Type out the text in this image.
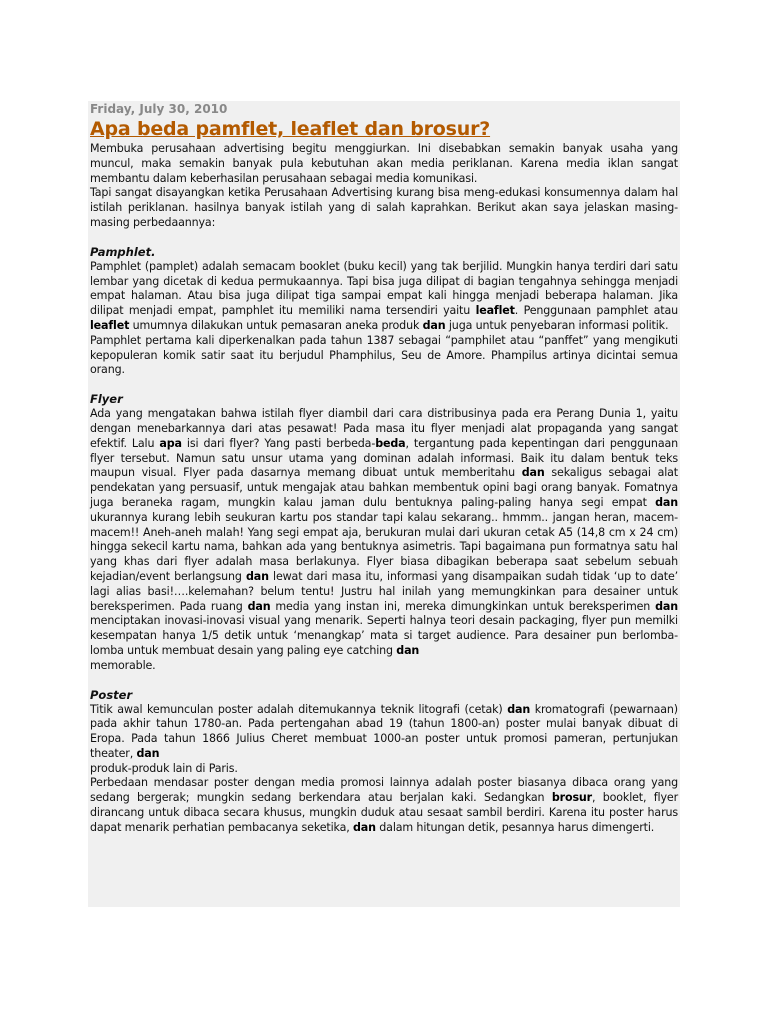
Friday, July 30, 2010
Apa beda pamflet, leaflet dan brosur?

Membuka perusahaan advertising begitu menggiurkan. Ini disebabkan semakin banyak usaha yang muncul, maka semakin banyak pula kebutuhan akan media periklanan. Karena media iklan sangat membantu dalam keberhasilan perusahaan sebagai media komunikasi.

Tapi sangat disayangkan ketika Perusahaan Advertising kurang bisa meng-edukasi konsumennya dalam hal istilah periklanan. hasilnya banyak istilah yang di salah kaprahkan. Berikut akan saya jelaskan masing-masing perbedaannya:

Pamphlet.

Pamphlet (pamplet) adalah semacam booklet (buku kecil) yang tak berjilid. Mungkin hanya terdiri dari satu lembar yang dicetak di kedua permukaannya. Tapi bisa juga dilipat di bagian tengahnya sehingga menjadi empat halaman. Atau bisa juga dilipat tiga sampai empat kali hingga menjadi beberapa halaman. Jika dilipat menjadi empat, pamphlet itu memiliki nama tersendiri yaitu leaflet. Penggunaan pamphlet atau leaflet umumnya dilakukan untuk pemasaran aneka produk dan juga untuk penyebaran informasi politik.

Pamphlet pertama kali diperkenalkan pada tahun 1387 sebagai “pamphilet atau “panffet” yang mengikuti kepopuleran komik satir saat itu berjudul Phamphilus, Seu de Amore. Phampilus artinya dicintai semua orang.

Flyer

Ada yang mengatakan bahwa istilah flyer diambil dari cara distribusinya pada era Perang Dunia 1, yaitu dengan menebarkannya dari atas pesawat! Pada masa itu flyer menjadi alat propaganda yang sangat efektif. Lalu apa isi dari flyer? Yang pasti berbeda-beda, tergantung pada kepentingan dari penggunaan flyer tersebut. Namun satu unsur utama yang dominan adalah informasi. Baik itu dalam bentuk teks maupun visual. Flyer pada dasarnya memang dibuat untuk memberitahu dan sekaligus sebagai alat pendekatan yang persuasif, untuk mengajak atau bahkan membentuk opini bagi orang banyak. Fomatnya juga beraneka ragam, mungkin kalau jaman dulu bentuknya paling-paling hanya segi empat dan ukurannya kurang lebih seukuran kartu pos standar tapi kalau sekarang.. hmmm.. jangan heran, macem-macem!! Aneh-aneh malah! Yang segi empat aja, berukuran mulai dari ukuran cetak A5 (14,8 cm x 24 cm) hingga sekecil kartu nama, bahkan ada yang bentuknya asimetris. Tapi bagaimana pun formatnya satu hal yang khas dari flyer adalah masa berlakunya. Flyer biasa dibagikan beberapa saat sebelum sebuah kejadian/event berlangsung dan lewat dari masa itu, informasi yang disampaikan sudah tidak ‘up to date’ lagi alias basi!….kelemahan? belum tentu! Justru hal inilah yang memungkinkan para desainer untuk bereksperimen. Pada ruang dan media yang instan ini, mereka dimungkinkan untuk bereksperimen dan menciptakan inovasi-inovasi visual yang menarik. Seperti halnya teori desain packaging, flyer pun memilki kesempatan hanya 1/5 detik untuk ‘menangkap’ mata si target audience. Para desainer pun berlomba-lomba untuk membuat desain yang paling eye catching dan

memorable.

Poster

Titik awal kemunculan poster adalah ditemukannya teknik litografi (cetak) dan kromatografi (pewarnaan) pada akhir tahun 1780-an. Pada pertengahan abad 19 (tahun 1800-an) poster mulai banyak dibuat di Eropa. Pada tahun 1866 Julius Cheret membuat 1000-an poster untuk promosi pameran, pertunjukan theater, dan

produk-produk lain di Paris.

Perbedaan mendasar poster dengan media promosi lainnya adalah poster biasanya dibaca orang yang sedang bergerak; mungkin sedang berkendara atau berjalan kaki. Sedangkan brosur, booklet, flyer dirancang untuk dibaca secara khusus, mungkin duduk atau sesaat sambil berdiri. Karena itu poster harus dapat menarik perhatian pembacanya seketika, dan dalam hitungan detik, pesannya harus dimengerti.
